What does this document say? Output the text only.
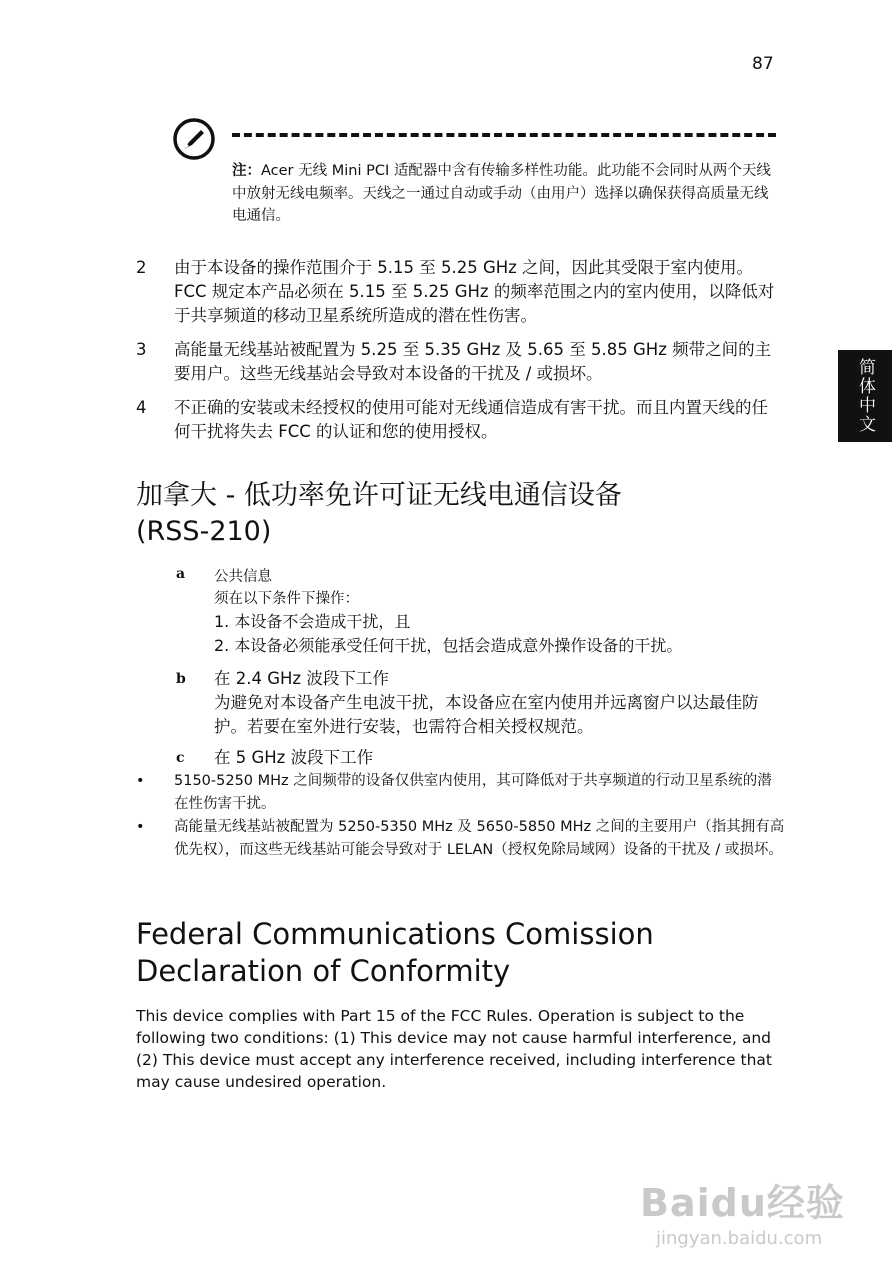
87
注：Acer 无线 Mini PCI 适配器中含有传输多样性功能。此功能不会同时从两个天线中放射无线电频率。天线之一通过自动或手动（由用户）选择以确保获得高质量无线电通信。
简体中文
2 由于本设备的操作范围介于 5.15 至 5.25 GHz 之间，因此其受限于室内使用。 FCC 规定本产品必须在 5.15 至 5.25 GHz 的频率范围之内的室内使用，以降低对于共享频道的移动卫星系统所造成的潜在性伤害。
3 高能量无线基站被配置为 5.25 至 5.35 GHz 及 5.65 至 5.85 GHz 频带之间的主要用户。这些无线基站会导致对本设备的干扰及 / 或损坏。
4 不正确的安装或未经授权的使用可能对无线通信造成有害干扰。而且内置天线的任何干扰将失去 FCC 的认证和您的使用授权。
加拿大 - 低功率免许可证无线电通信设备
(RSS-210)
a 公共信息
须在以下条件下操作：
1. 本设备不会造成干扰，且
2. 本设备必须能承受任何干扰，包括会造成意外操作设备的干扰。
b 在 2.4 GHz 波段下工作
为避免对本设备产生电波干扰，本设备应在室内使用并远离窗户以达最佳防护。若要在室外进行安装，也需符合相关授权规范。
c 在 5 GHz 波段下工作
• 5150-5250 MHz 之间频带的设备仅供室内使用，其可降低对于共享频道的行动卫星系统的潜在性伤害干扰。
• 高能量无线基站被配置为 5250-5350 MHz 及 5650-5850 MHz 之间的主要用户（指其拥有高优先权），而这些无线基站可能会导致对于 LELAN（授权免除局域网）设备的干扰及 / 或损坏。
Federal Communications Comission
Declaration of Conformity
This device complies with Part 15 of the FCC Rules. Operation is subject to the following two conditions: (1) This device may not cause harmful interference, and (2) This device must accept any interference received, including interference that may cause undesired operation.
Baidu经验
jingyan.baidu.com
